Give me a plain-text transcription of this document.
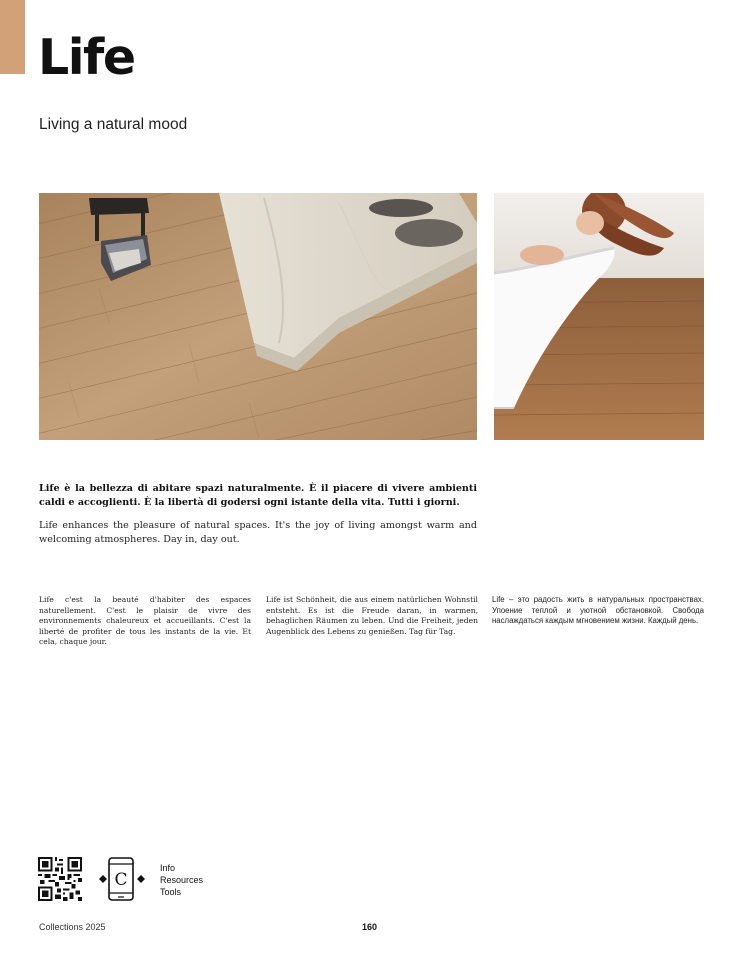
Life

Living a natural mood

Life è la bellezza di abitare spazi naturalmente. È il piacere di vivere ambienti caldi e accoglienti. È la libertà di godersi ogni istante della vita. Tutti i giorni.

Life enhances the pleasure of natural spaces. It's the joy of living amongst warm and welcoming atmospheres. Day in, day out.

Life c'est la beauté d'habiter des espaces naturellement. C'est le plaisir de vivre des environnements chaleureux et accueillants. C'est la liberté de profiter de tous les instants de la vie. Et cela, chaque jour.

Life ist Schönheit, die aus einem natürlichen Wohnstil entsteht. Es ist die Freude daran, in warmen, behaglichen Räumen zu leben. Und die Freiheit, jeden Augenblick des Lebens zu genießen. Tag für Tag.

Life – это радость жить в натуральных пространствах. Упоение теплой и уютной обстановкой. Свобода наслаждаться каждым мгновением жизни. Каждый день.

C
Info
Resources
Tools
Collections 2025	160
